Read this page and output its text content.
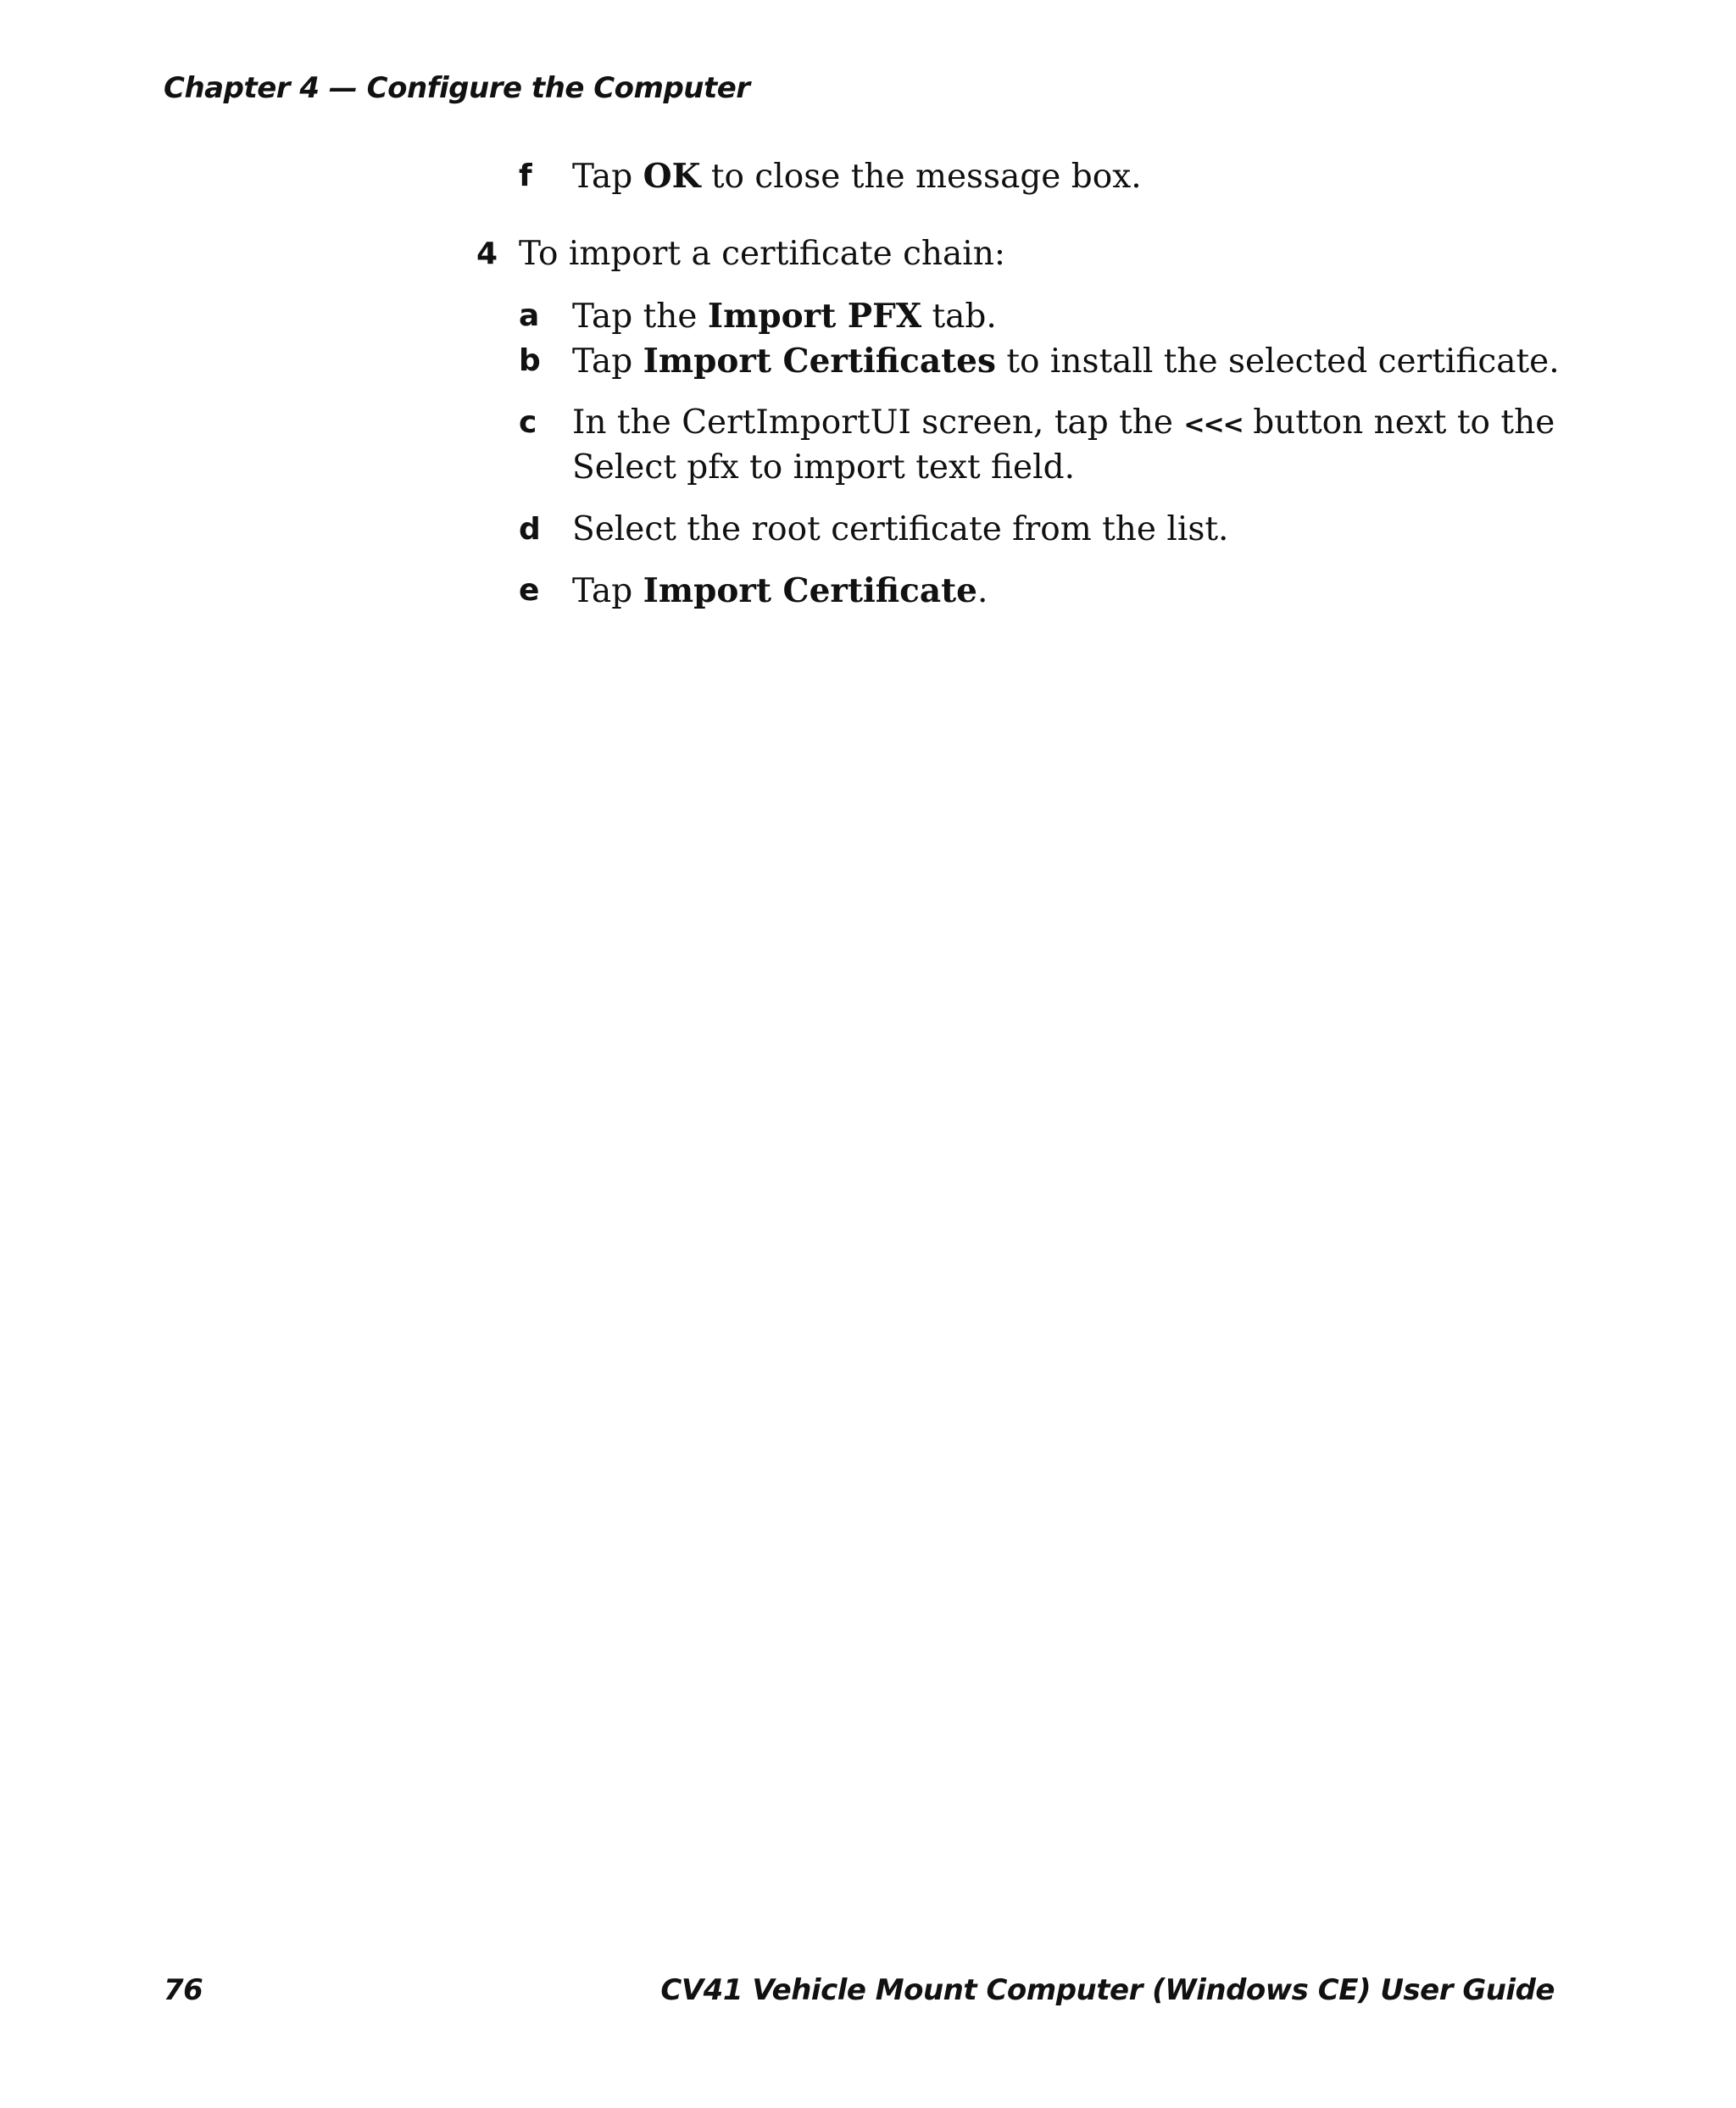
Chapter 4 — Configure the Computer
f Tap OK to close the message box.
4 To import a certificate chain:
a Tap the Import PFX tab.
b Tap Import Certificates to install the selected certificate.
c In the CertImportUI screen, tap the <<< button next to the
Select pfx to import text field.
d Select the root certificate from the list.
e Tap Import Certificate.
76	CV41 Vehicle Mount Computer (Windows CE) User Guide
